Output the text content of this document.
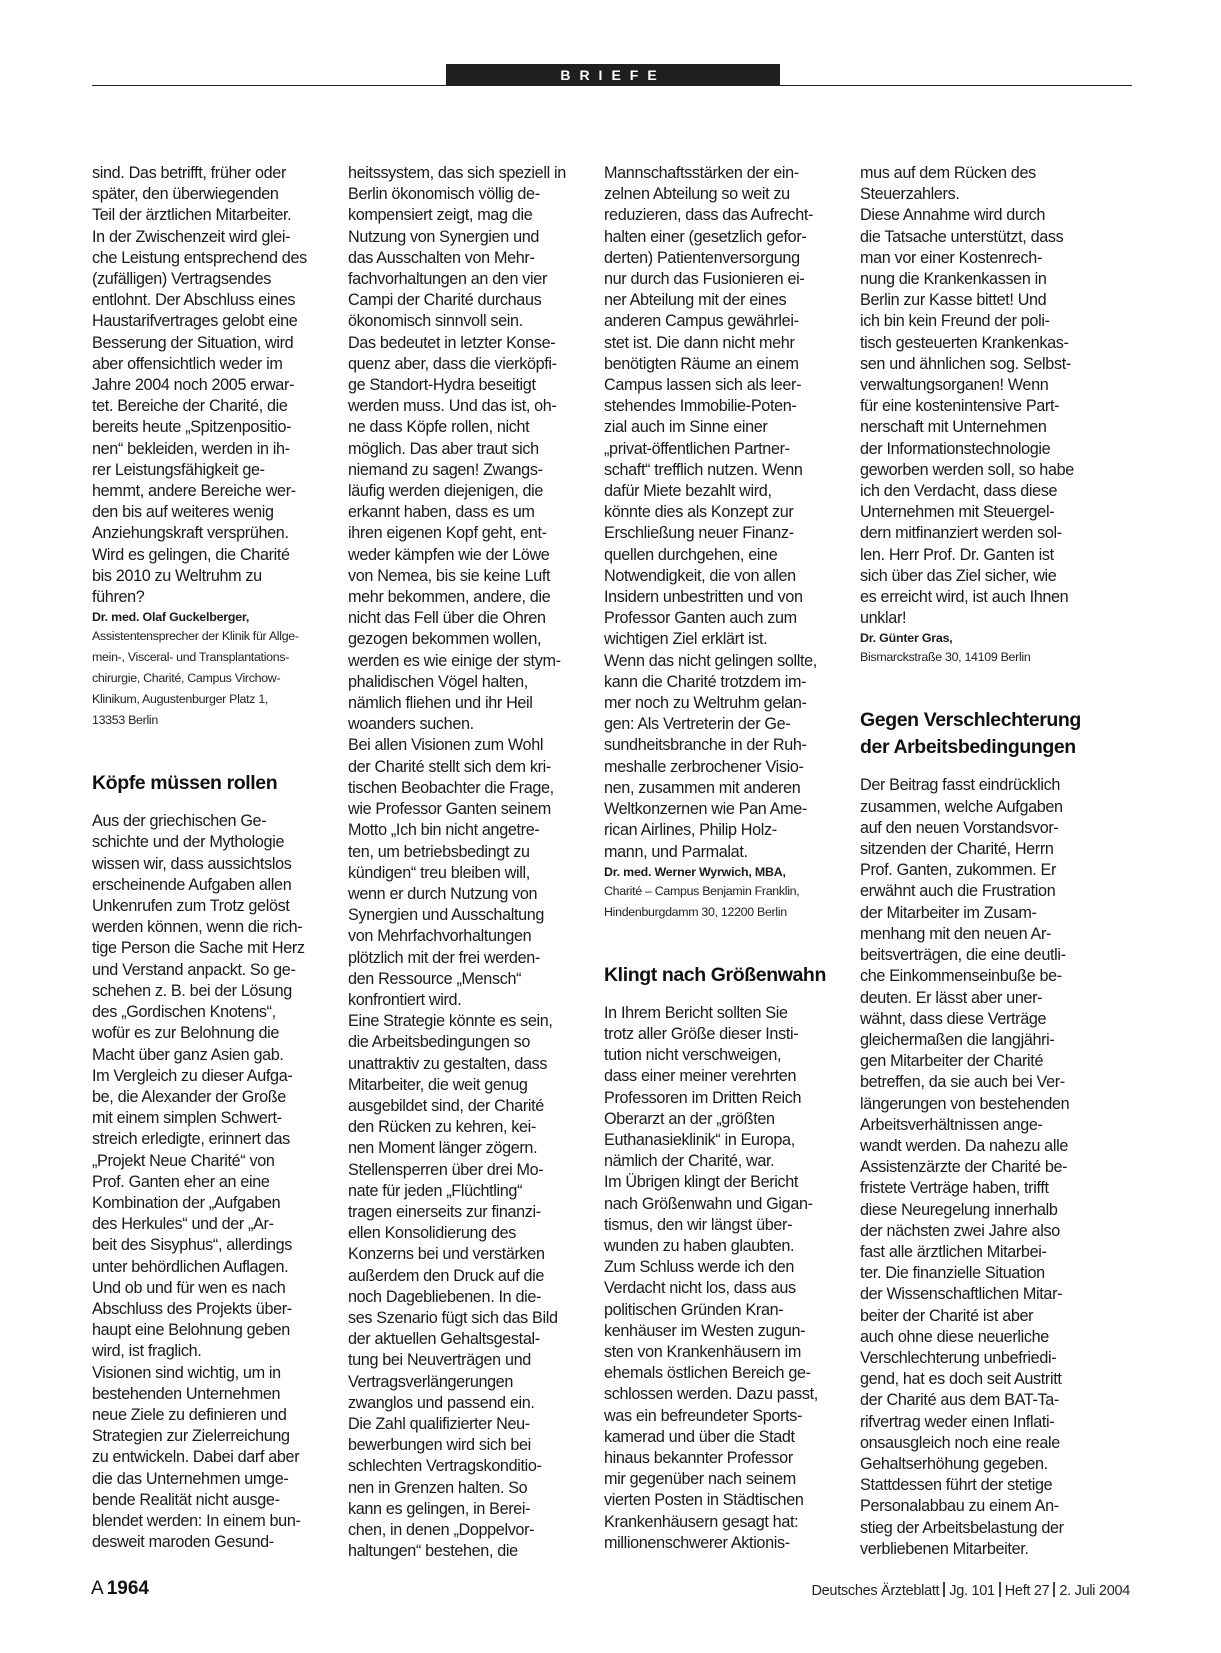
BRIEFE

sind. Das betrifft, früher oder
später, den überwiegenden
Teil der ärztlichen Mitarbeiter.
In der Zwischenzeit wird glei-
che Leistung entsprechend des
(zufälligen) Vertragsendes
entlohnt. Der Abschluss eines
Haustarifvertrages gelobt eine
Besserung der Situation, wird
aber offensichtlich weder im
Jahre 2004 noch 2005 erwar-
tet. Bereiche der Charité, die
bereits heute „Spitzenpositio-
nen“ bekleiden, werden in ih-
rer Leistungsfähigkeit ge-
hemmt, andere Bereiche wer-
den bis auf weiteres wenig
Anziehungskraft versprühen.
Wird es gelingen, die Charité
bis 2010 zu Weltruhm zu
führen?

Dr. med. Olaf Guckelberger,

Assistentensprecher der Klinik für Allge-
mein-, Visceral- und Transplantations-
chirurgie, Charité, Campus Virchow-
Klinikum, Augustenburger Platz 1,
13353 Berlin
Köpfe müssen rollen

Aus der griechischen Ge-
schichte und der Mythologie
wissen wir, dass aussichtslos
erscheinende Aufgaben allen
Unkenrufen zum Trotz gelöst
werden können, wenn die rich-
tige Person die Sache mit Herz
und Verstand anpackt. So ge-
schehen z. B. bei der Lösung
des „Gordischen Knotens“,
wofür es zur Belohnung die
Macht über ganz Asien gab.
Im Vergleich zu dieser Aufga-
be, die Alexander der Große
mit einem simplen Schwert-
streich erledigte, erinnert das
„Projekt Neue Charité“ von
Prof. Ganten eher an eine
Kombination der „Aufgaben
des Herkules“ und der „Ar-
beit des Sisyphus“, allerdings
unter behördlichen Auflagen.
Und ob und für wen es nach
Abschluss des Projekts über-
haupt eine Belohnung geben
wird, ist fraglich.
Visionen sind wichtig, um in
bestehenden Unternehmen
neue Ziele zu definieren und
Strategien zur Zielerreichung
zu entwickeln. Dabei darf aber
die das Unternehmen umge-
bende Realität nicht ausge-
blendet werden: In einem bun-
desweit maroden Gesund-

heitssystem, das sich speziell in
Berlin ökonomisch völlig de-
kompensiert zeigt, mag die
Nutzung von Synergien und
das Ausschalten von Mehr-
fachvorhaltungen an den vier
Campi der Charité durchaus
ökonomisch sinnvoll sein.
Das bedeutet in letzter Konse-
quenz aber, dass die vierköpfi-
ge Standort-Hydra beseitigt
werden muss. Und das ist, oh-
ne dass Köpfe rollen, nicht
möglich. Das aber traut sich
niemand zu sagen! Zwangs-
läufig werden diejenigen, die
erkannt haben, dass es um
ihren eigenen Kopf geht, ent-
weder kämpfen wie der Löwe
von Nemea, bis sie keine Luft
mehr bekommen, andere, die
nicht das Fell über die Ohren
gezogen bekommen wollen,
werden es wie einige der stym-
phalidischen Vögel halten,
nämlich fliehen und ihr Heil
woanders suchen.
Bei allen Visionen zum Wohl
der Charité stellt sich dem kri-
tischen Beobachter die Frage,
wie Professor Ganten seinem
Motto „Ich bin nicht angetre-
ten, um betriebsbedingt zu
kündigen“ treu bleiben will,
wenn er durch Nutzung von
Synergien und Ausschaltung
von Mehrfachvorhaltungen
plötzlich mit der frei werden-
den Ressource „Mensch“
konfrontiert wird.
Eine Strategie könnte es sein,
die Arbeitsbedingungen so
unattraktiv zu gestalten, dass
Mitarbeiter, die weit genug
ausgebildet sind, der Charité
den Rücken zu kehren, kei-
nen Moment länger zögern.
Stellensperren über drei Mo-
nate für jeden „Flüchtling“
tragen einerseits zur finanzi-
ellen Konsolidierung des
Konzerns bei und verstärken
außerdem den Druck auf die
noch Dagebliebenen. In die-
ses Szenario fügt sich das Bild
der aktuellen Gehaltsgestal-
tung bei Neuverträgen und
Vertragsverlängerungen
zwanglos und passend ein.
Die Zahl qualifizierter Neu-
bewerbungen wird sich bei
schlechten Vertragskonditio-
nen in Grenzen halten. So
kann es gelingen, in Berei-
chen, in denen „Doppelvor-
haltungen“ bestehen, die

Mannschaftsstärken der ein-
zelnen Abteilung so weit zu
reduzieren, dass das Aufrecht-
halten einer (gesetzlich gefor-
derten) Patientenversorgung
nur durch das Fusionieren ei-
ner Abteilung mit der eines
anderen Campus gewährlei-
stet ist. Die dann nicht mehr
benötigten Räume an einem
Campus lassen sich als leer-
stehendes Immobilie-Poten-
zial auch im Sinne einer
„privat-öffentlichen Partner-
schaft“ trefflich nutzen. Wenn
dafür Miete bezahlt wird,
könnte dies als Konzept zur
Erschließung neuer Finanz-
quellen durchgehen, eine
Notwendigkeit, die von allen
Insidern unbestritten und von
Professor Ganten auch zum
wichtigen Ziel erklärt ist.
Wenn das nicht gelingen sollte,
kann die Charité trotzdem im-
mer noch zu Weltruhm gelan-
gen: Als Vertreterin der Ge-
sundheitsbranche in der Ruh-
meshalle zerbrochener Visio-
nen, zusammen mit anderen
Weltkonzernen wie Pan Ame-
rican Airlines, Philip Holz-
mann, und Parmalat.

Dr. med. Werner Wyrwich, MBA,

Charité – Campus Benjamin Franklin,
Hindenburgdamm 30, 12200 Berlin
Klingt nach Größenwahn

In Ihrem Bericht sollten Sie
trotz aller Größe dieser Insti-
tution nicht verschweigen,
dass einer meiner verehrten
Professoren im Dritten Reich
Oberarzt an der „größten
Euthanasieklinik“ in Europa,
nämlich der Charité, war.
Im Übrigen klingt der Bericht
nach Größenwahn und Gigan-
tismus, den wir längst über-
wunden zu haben glaubten.
Zum Schluss werde ich den
Verdacht nicht los, dass aus
politischen Gründen Kran-
kenhäuser im Westen zugun-
sten von Krankenhäusern im
ehemals östlichen Bereich ge-
schlossen werden. Dazu passt,
was ein befreundeter Sports-
kamerad und über die Stadt
hinaus bekannter Professor
mir gegenüber nach seinem
vierten Posten in Städtischen
Krankenhäusern gesagt hat:
millionenschwerer Aktionis-

mus auf dem Rücken des
Steuerzahlers.
Diese Annahme wird durch
die Tatsache unterstützt, dass
man vor einer Kostenrech-
nung die Krankenkassen in
Berlin zur Kasse bittet! Und
ich bin kein Freund der poli-
tisch gesteuerten Krankenkas-
sen und ähnlichen sog. Selbst-
verwaltungsorganen! Wenn
für eine kostenintensive Part-
nerschaft mit Unternehmen
der Informationstechnologie
geworben werden soll, so habe
ich den Verdacht, dass diese
Unternehmen mit Steuergel-
dern mitfinanziert werden sol-
len. Herr Prof. Dr. Ganten ist
sich über das Ziel sicher, wie
es erreicht wird, ist auch Ihnen
unklar!

Dr. Günter Gras,

Bismarckstraße 30, 14109 Berlin
Gegen Verschlechterung
der Arbeitsbedingungen

Der Beitrag fasst eindrücklich
zusammen, welche Aufgaben
auf den neuen Vorstandsvor-
sitzenden der Charité, Herrn
Prof. Ganten, zukommen. Er
erwähnt auch die Frustration
der Mitarbeiter im Zusam-
menhang mit den neuen Ar-
beitsverträgen, die eine deutli-
che Einkommenseinbuße be-
deuten. Er lässt aber uner-
wähnt, dass diese Verträge
gleichermaßen die langjähri-
gen Mitarbeiter der Charité
betreffen, da sie auch bei Ver-
längerungen von bestehenden
Arbeitsverhältnissen ange-
wandt werden. Da nahezu alle
Assistenzärzte der Charité be-
fristete Verträge haben, trifft
diese Neuregelung innerhalb
der nächsten zwei Jahre also
fast alle ärztlichen Mitarbei-
ter. Die finanzielle Situation
der Wissenschaftlichen Mitar-
beiter der Charité ist aber
auch ohne diese neuerliche
Verschlechterung unbefriedi-
gend, hat es doch seit Austritt
der Charité aus dem BAT-Ta-
rifvertrag weder einen Inflati-
onsausgleich noch eine reale
Gehaltserhöhung gegeben.
Stattdessen führt der stetige
Personalabbau zu einem An-
stieg der Arbeitsbelastung der
verbliebenen Mitarbeiter.

A 1964	Deutsches Ärzteblatt Jg. 101 Heft 27 2. Juli 2004
